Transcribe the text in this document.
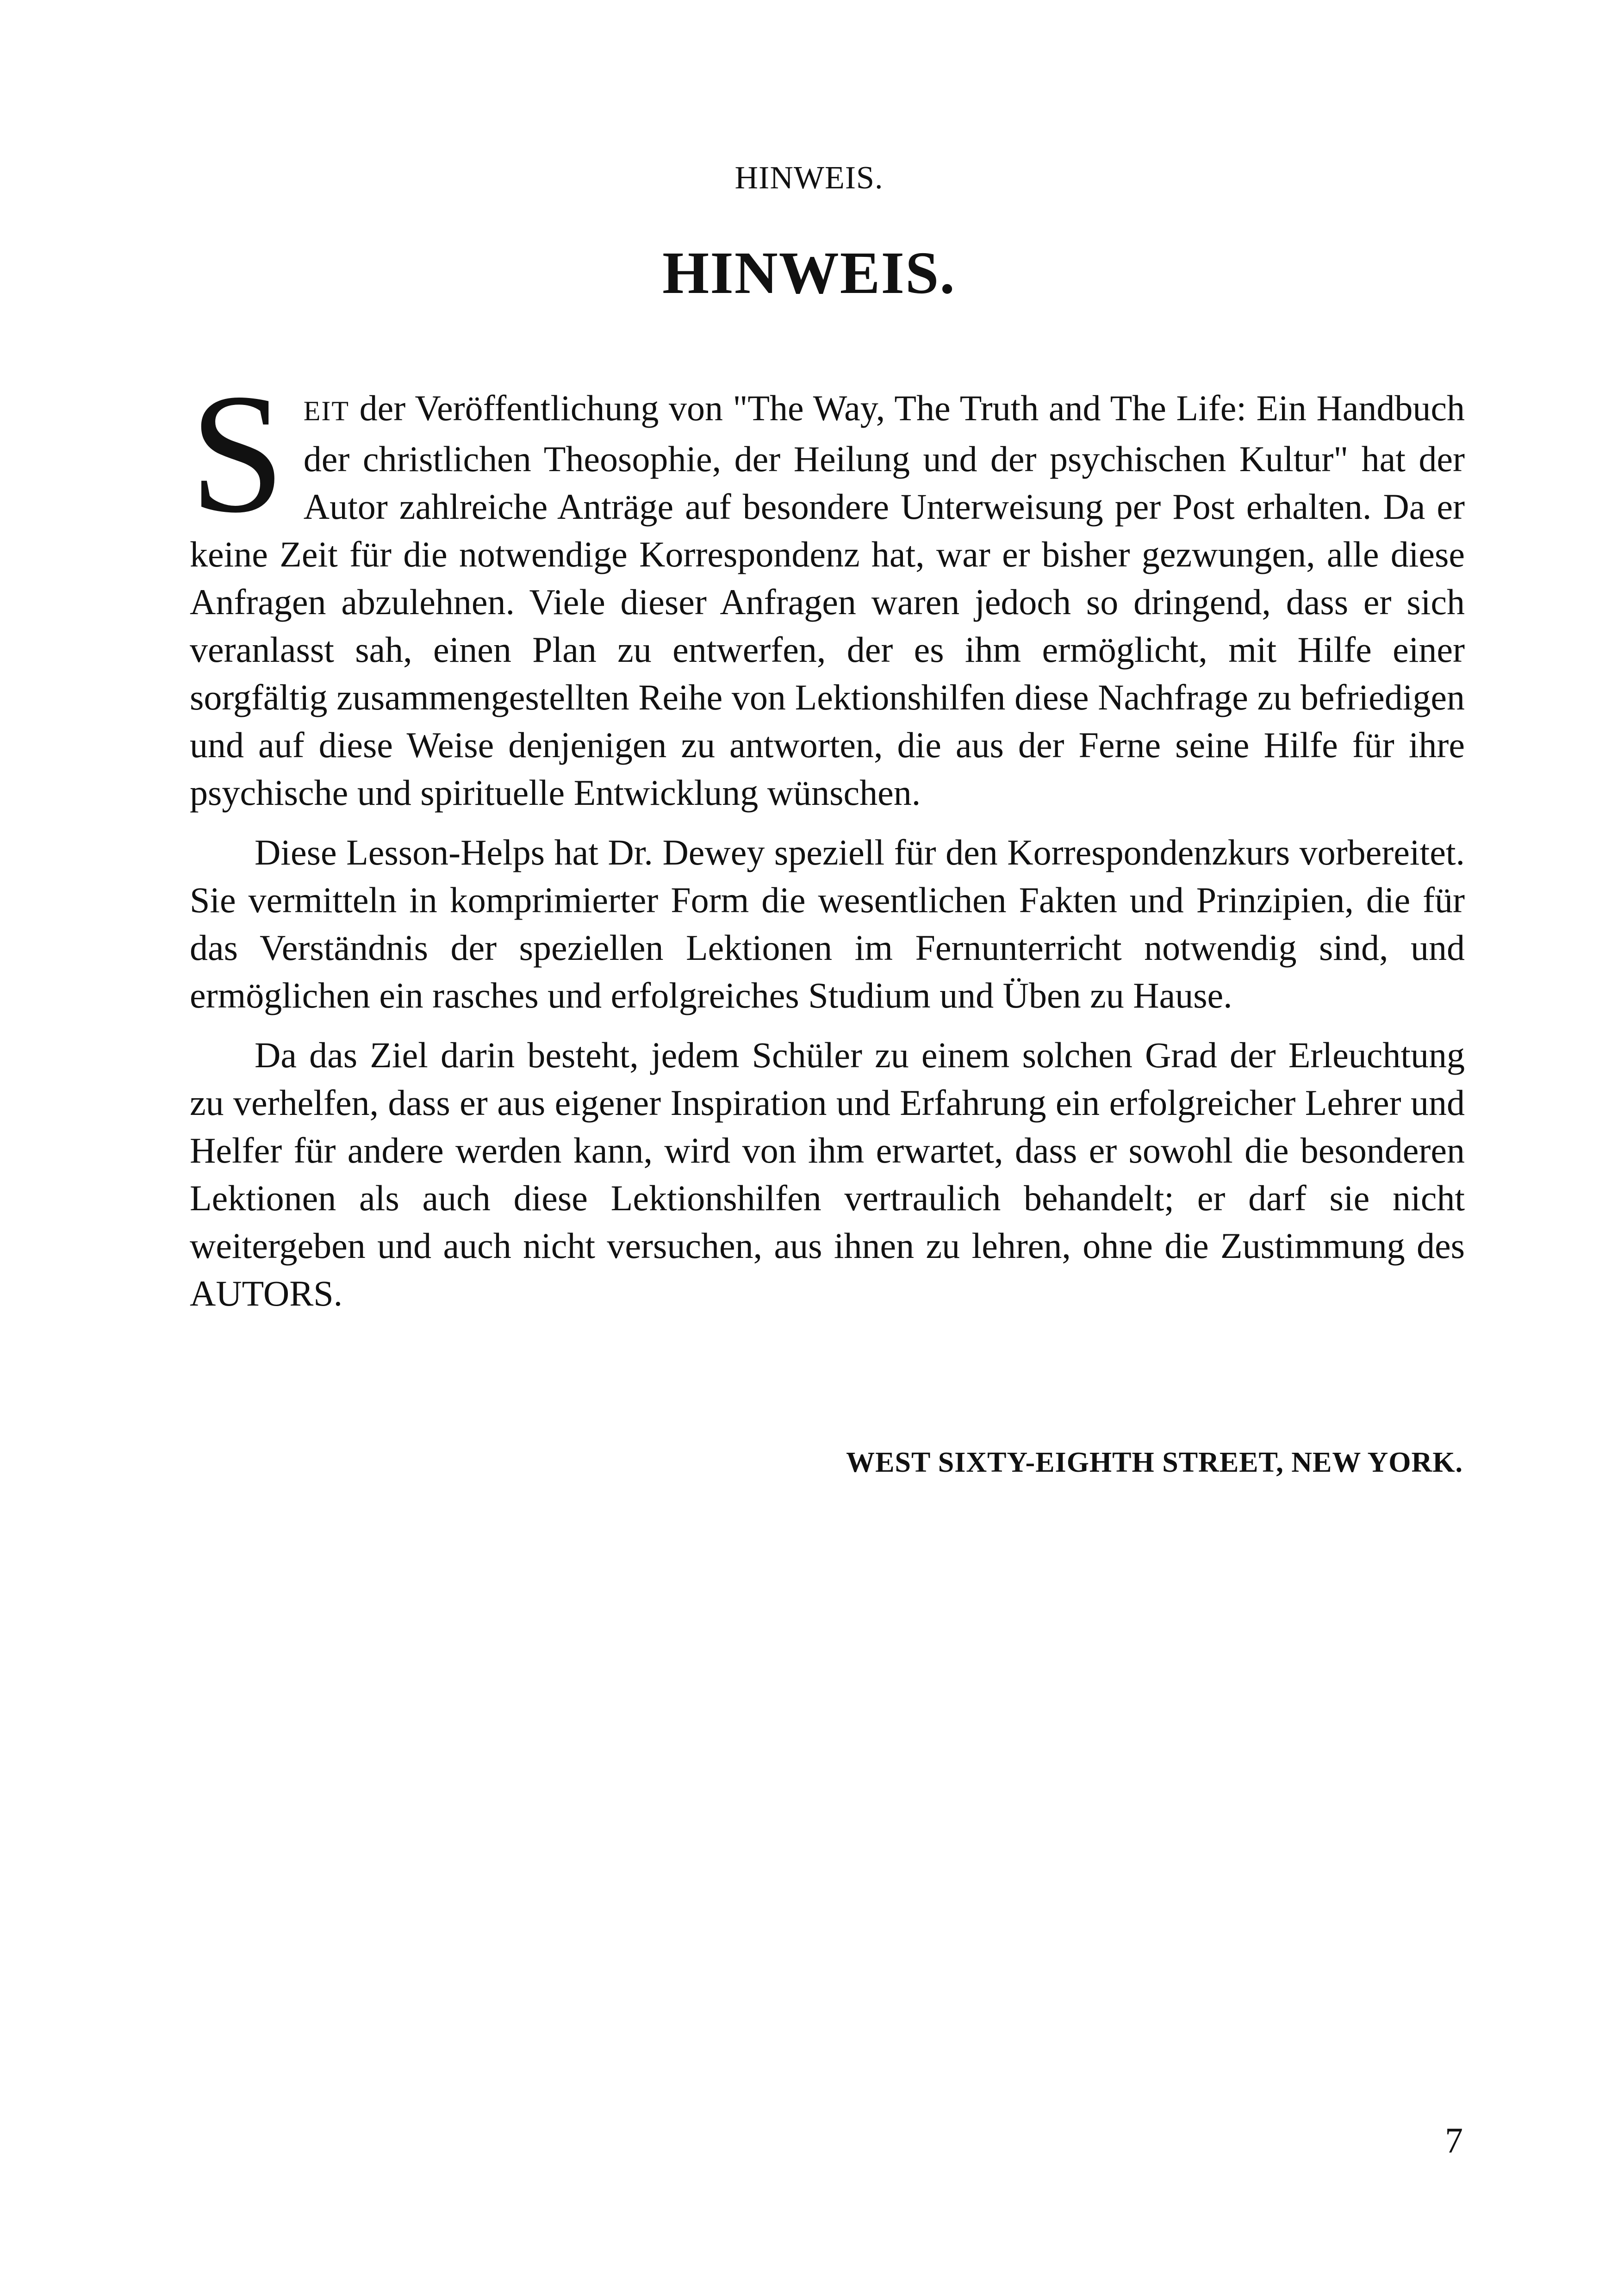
HINWEIS.
HINWEIS.

SEIT der Veröffentlichung von "The Way, The Truth and The Life: Ein Handbuch der christlichen Theosophie, der Heilung und der psychischen Kultur" hat der Autor zahlreiche Anträge auf besondere Unterweisung per Post erhalten. Da er keine Zeit für die notwendige Korrespondenz hat, war er bisher gezwungen, alle diese Anfragen abzulehnen. Viele dieser Anfragen waren jedoch so dringend, dass er sich veranlasst sah, einen Plan zu entwerfen, der es ihm ermöglicht, mit Hilfe einer sorgfältig zusammengestellten Reihe von Lektionshilfen diese Nachfrage zu befriedigen und auf diese Weise denjenigen zu antworten, die aus der Ferne seine Hilfe für ihre psychische und spirituelle Entwicklung wünschen.

Diese Lesson-Helps hat Dr. Dewey speziell für den Korrespondenzkurs vorbereitet. Sie vermitteln in komprimierter Form die wesentlichen Fakten und Prinzipien, die für das Verständnis der speziellen Lektionen im Fernunterricht notwendig sind, und ermöglichen ein rasches und erfolgreiches Studium und Üben zu Hause.

Da das Ziel darin besteht, jedem Schüler zu einem solchen Grad der Erleuchtung zu verhelfen, dass er aus eigener Inspiration und Erfahrung ein erfolgreicher Lehrer und Helfer für andere werden kann, wird von ihm erwartet, dass er sowohl die besonderen Lektionen als auch diese Lektionshilfen vertraulich behandelt; er darf sie nicht weitergeben und auch nicht versuchen, aus ihnen zu lehren, ohne die Zustimmung des AUTORS.

WEST SIXTY-EIGHTH STREET, NEW YORK.
7
